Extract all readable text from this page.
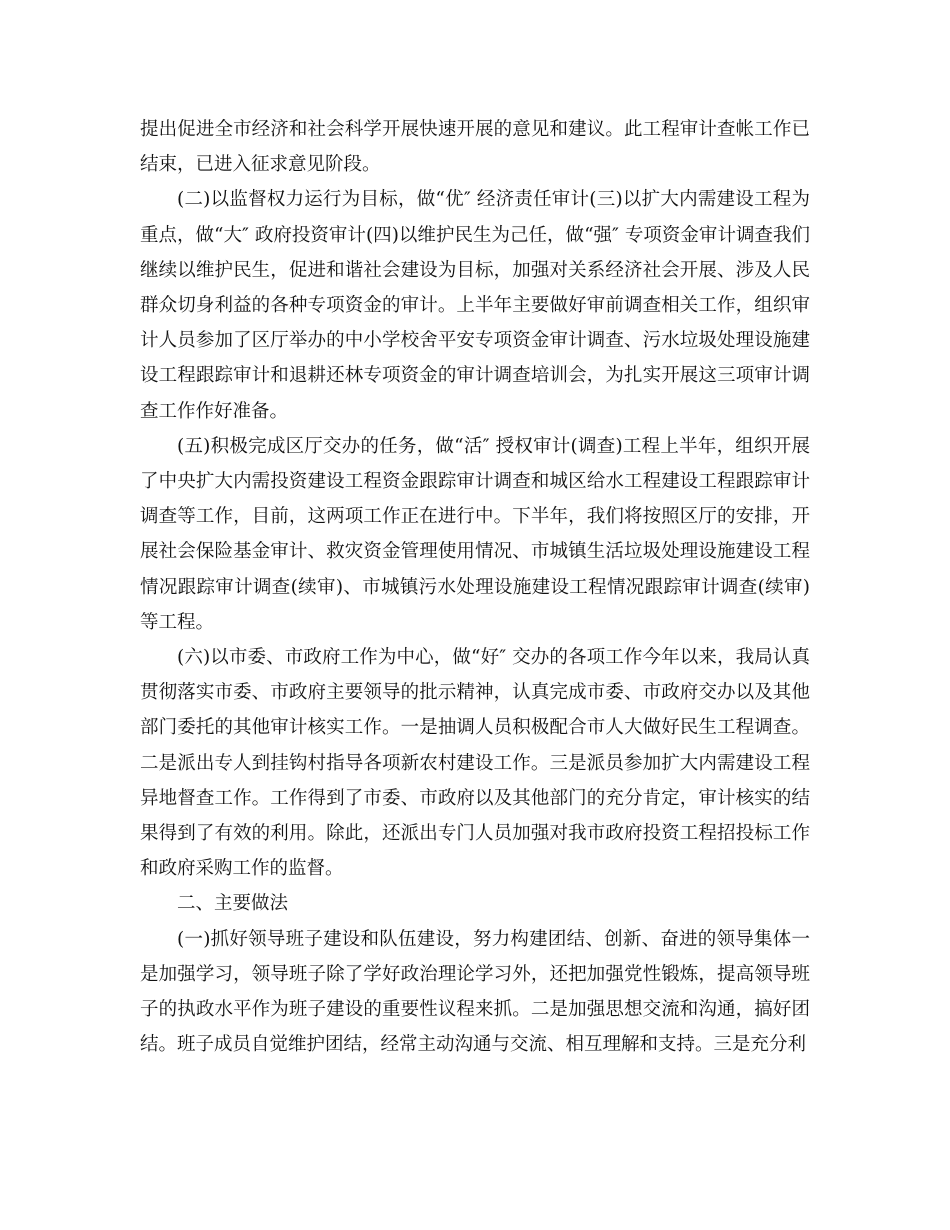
提出促进全市经济和社会科学开展快速开展的意见和建议。此工程审计查帐工作已结束，已进入征求意见阶段。

(二)以监督权力运行为目标，做“优″ 经济责任审计(三)以扩大内需建设工程为重点，做“大″ 政府投资审计(四)以维护民生为己任，做“强″ 专项资金审计调查我们继续以维护民生，促进和谐社会建设为目标，加强对关系经济社会开展、涉及人民群众切身利益的各种专项资金的审计。上半年主要做好审前调查相关工作，组织审计人员参加了区厅举办的中小学校舍平安专项资金审计调查、污水垃圾处理设施建设工程跟踪审计和退耕还林专项资金的审计调查培训会，为扎实开展这三项审计调查工作作好准备。

(五)积极完成区厅交办的任务，做“活″ 授权审计(调查)工程上半年，组织开展了中央扩大内需投资建设工程资金跟踪审计调查和城区给水工程建设工程跟踪审计调查等工作，目前，这两项工作正在进行中。下半年，我们将按照区厅的安排，开展社会保险基金审计、救灾资金管理使用情况、市城镇生活垃圾处理设施建设工程情况跟踪审计调查(续审)、市城镇污水处理设施建设工程情况跟踪审计调查(续审)等工程。

(六)以市委、市政府工作为中心，做“好″ 交办的各项工作今年以来，我局认真贯彻落实市委、市政府主要领导的批示精神，认真完成市委、市政府交办以及其他部门委托的其他审计核实工作。一是抽调人员积极配合市人大做好民生工程调查。二是派出专人到挂钩村指导各项新农村建设工作。三是派员参加扩大内需建设工程异地督查工作。工作得到了市委、市政府以及其他部门的充分肯定，审计核实的结果得到了有效的利用。除此，还派出专门人员加强对我市政府投资工程招投标工作和政府采购工作的监督。

二、主要做法

(一)抓好领导班子建设和队伍建设，努力构建团结、创新、奋进的领导集体一是加强学习，领导班子除了学好政治理论学习外，还把加强党性锻炼，提高领导班子的执政水平作为班子建设的重要性议程来抓。二是加强思想交流和沟通，搞好团结。班子成员自觉维护团结，经常主动沟通与交流、相互理解和支持。三是充分利
